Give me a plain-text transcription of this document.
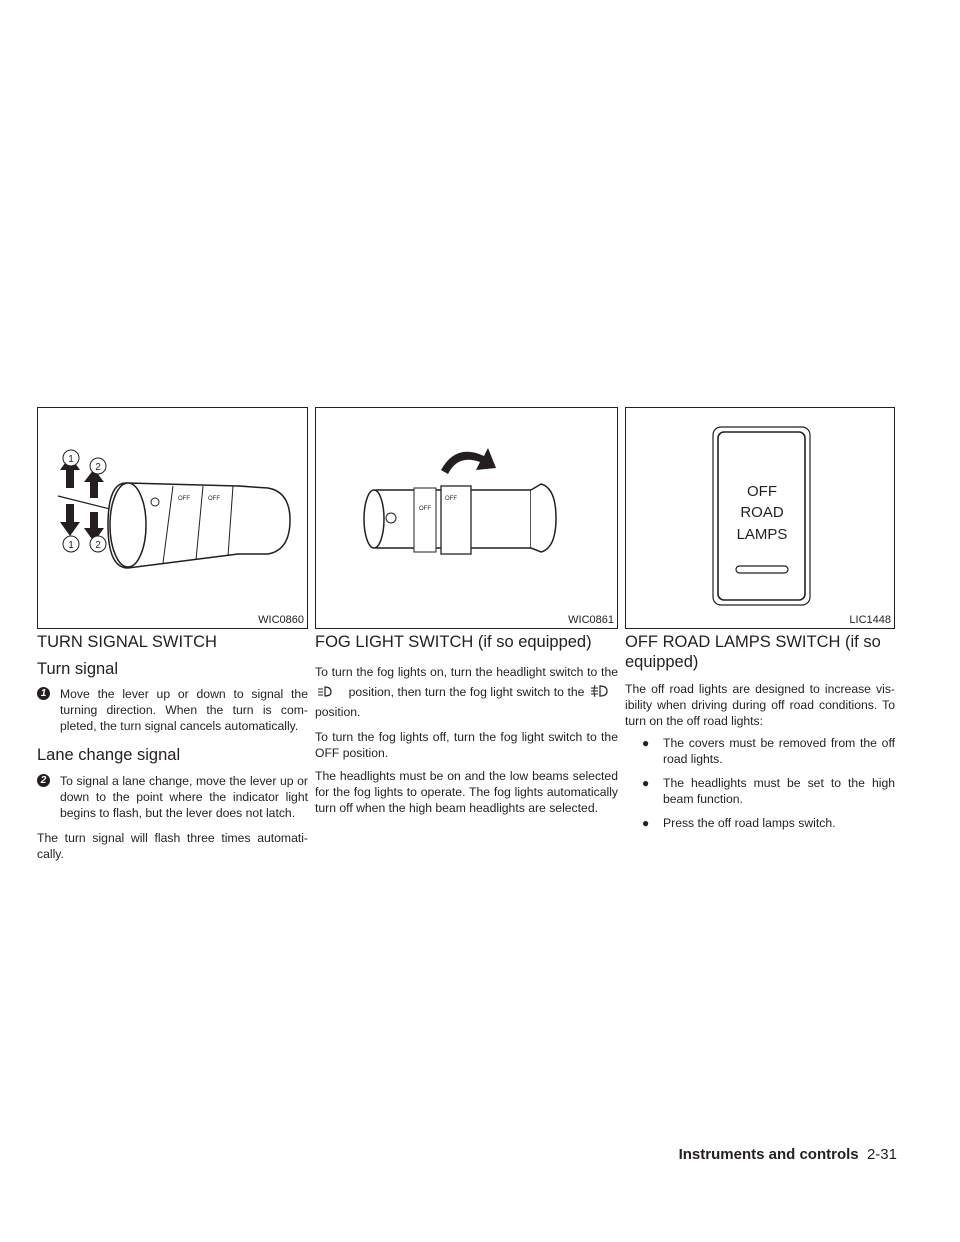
OFF	OFF
1
2
1 2
WIC0860
OFF
OFF
WIC0861
OFF
ROAD
LAMPS
LIC1448
TURN SIGNAL SWITCH
Turn signal
1	Move the lever up or down to signal the turning direction. When the turn is com-pleted, the turn signal cancels automatically.
Lane change signal
2	To signal a lane change, move the lever up or down to the point where the indicator light begins to flash, but the lever does not latch.

The turn signal will flash three times automati-cally.

FOG LIGHT SWITCH (if so equipped)

To turn the fog lights on, turn the headlight switch to the  position, then turn the fog light switch to the  position.

To turn the fog lights off, turn the fog light switch to the OFF position.

The headlights must be on and the low beams selected for the fog lights to operate. The fog lights automatically turn off when the high beam headlights are selected.

OFF ROAD LAMPS SWITCH (if so equipped)

The off road lights are designed to increase vis-ibility when driving during off road conditions. To turn on the off road lights:

● The covers must be removed from the off road lights.
● The headlights must be set to the high beam function.
● Press the off road lamps switch.
Instruments and controls 2-31
